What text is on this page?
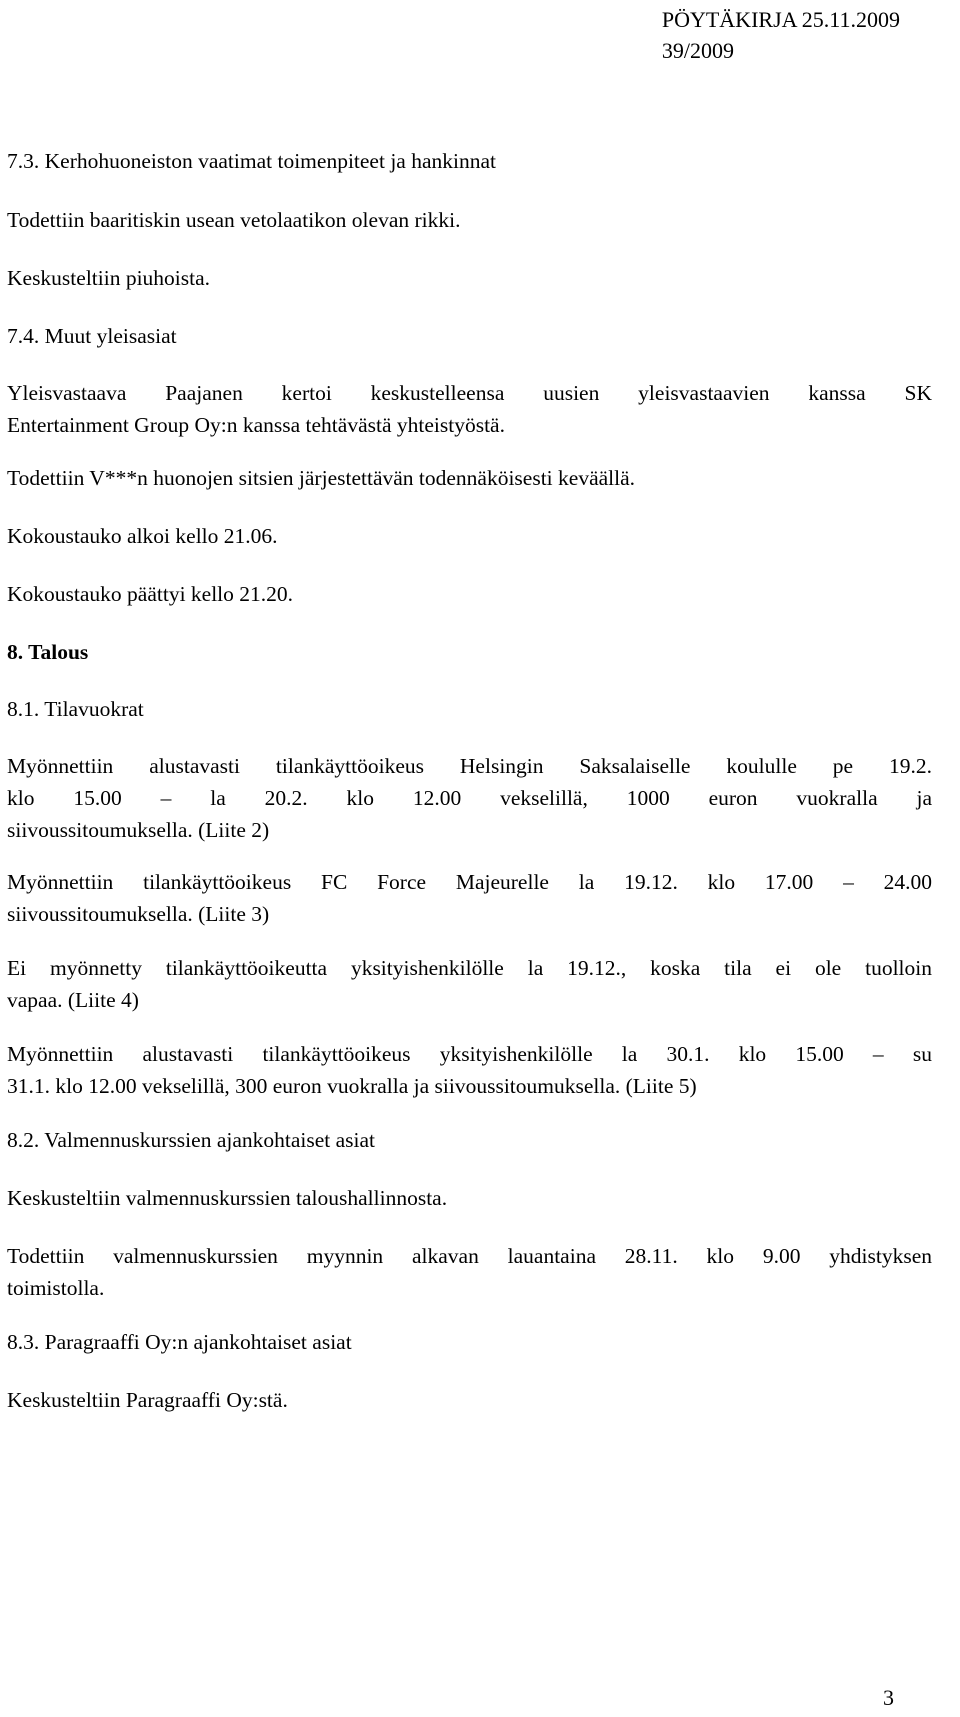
PÖYTÄKIRJA 25.11.2009
39/2009

7.3. Kerhohuoneiston vaatimat toimenpiteet ja hankinnat

Todettiin baaritiskin usean vetolaatikon olevan rikki.

Keskusteltiin piuhoista.

7.4. Muut yleisasiat

Yleisvastaava Paajanen kertoi keskustelleensa uusien yleisvastaavien kanssa SK
Entertainment Group Oy:n kanssa tehtävästä yhteistyöstä.

Todettiin V***n huonojen sitsien järjestettävän todennäköisesti keväällä.

Kokoustauko alkoi kello 21.06.

Kokoustauko päättyi kello 21.20.

8. Talous

8.1. Tilavuokrat

Myönnettiin alustavasti tilankäyttöoikeus Helsingin Saksalaiselle koululle pe 19.2.
klo 15.00 – la 20.2. klo 12.00 vekselillä, 1000 euron vuokralla ja
siivoussitoumuksella. (Liite 2)
Myönnettiin tilankäyttöoikeus FC Force Majeurelle la 19.12. klo 17.00 – 24.00
siivoussitoumuksella. (Liite 3)
Ei myönnetty tilankäyttöoikeutta yksityishenkilölle la 19.12., koska tila ei ole tuolloin
vapaa. (Liite 4)
Myönnettiin alustavasti tilankäyttöoikeus yksityishenkilölle la 30.1. klo 15.00 – su
31.1. klo 12.00 vekselillä, 300 euron vuokralla ja siivoussitoumuksella. (Liite 5)

8.2. Valmennuskurssien ajankohtaiset asiat

Keskusteltiin valmennuskurssien taloushallinnosta.

Todettiin valmennuskurssien myynnin alkavan lauantaina 28.11. klo 9.00 yhdistyksen
toimistolla.

8.3. Paragraaffi Oy:n ajankohtaiset asiat

Keskusteltiin Paragraaffi Oy:stä.

3
